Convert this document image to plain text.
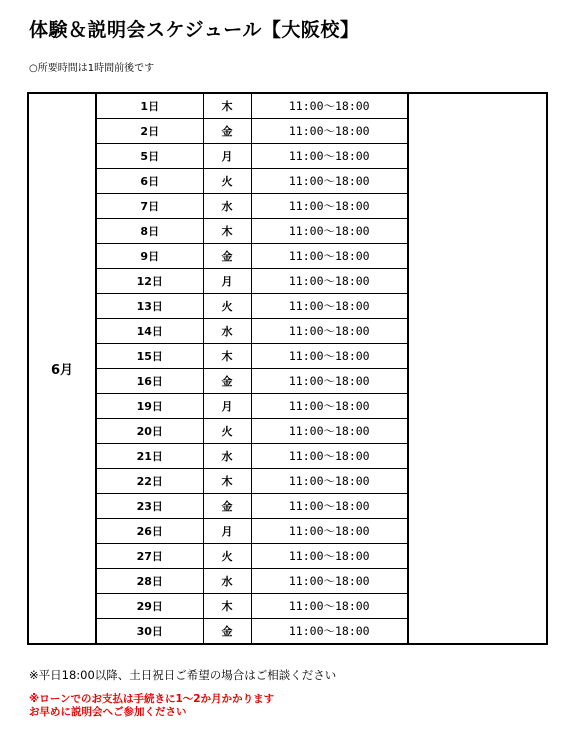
体験＆説明会スケジュール【大阪校】
○所要時間は1時間前後です
6月	1日	木	11:00〜18:00	
	2日	金	11:00〜18:00	
	5日	月	11:00〜18:00	
	6日	火	11:00〜18:00	
	7日	水	11:00〜18:00	
	8日	木	11:00〜18:00	
	9日	金	11:00〜18:00	
	12日	月	11:00〜18:00	
	13日	火	11:00〜18:00	
	14日	水	11:00〜18:00	
	15日	木	11:00〜18:00	
	16日	金	11:00〜18:00	
	19日	月	11:00〜18:00	
	20日	火	11:00〜18:00	
	21日	水	11:00〜18:00	
	22日	木	11:00〜18:00	
	23日	金	11:00〜18:00	
	26日	月	11:00〜18:00	
	27日	火	11:00〜18:00	
	28日	水	11:00〜18:00	
	29日	木	11:00〜18:00	
	30日	金	11:00〜18:00	
※平日18:00以降、土日祝日ご希望の場合はご相談ください
※ローンでのお支払は手続きに1〜2か月かかります
お早めに説明会へご参加ください
